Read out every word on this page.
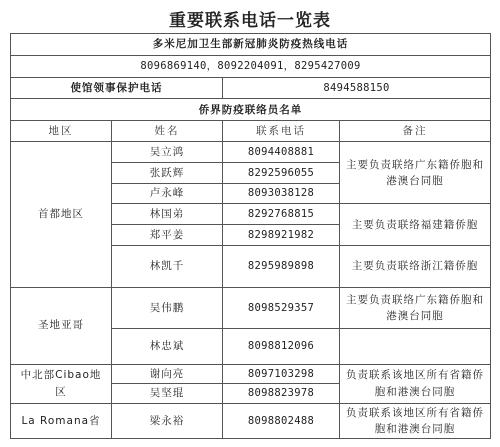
重要联系电话一览表
多米尼加卫生部新冠肺炎防疫热线电话			
8096869140，8092204091，8295427009			
使馆领事保护电话		8494588150	
侨界防疫联络员名单			
地区	姓名	联系电话	备注
首都地区	吴立鸿	8094408881	主要负责联络广东籍侨胞和港澳台同胞
	张跃辉	8292596055	
	卢永峰	8093038128	
	林国弟	8292768815	主要负责联络福建籍侨胞
	郑平姜	8298921982	
	林凯千	8295989898	主要负责联络浙江籍侨胞
圣地亚哥	吴伟鹏	8098529357	主要负责联络广东籍侨胞和港澳台同胞
	林忠斌	8098812096	
中北部Cibao地区	谢向亮	8097103298	负责联系该地区所有省籍侨胞和港澳台同胞
	吴坚琨	8098823978	
La Romana省	梁永裕	8098802488	负责联系该地区所有省籍侨胞和港澳台同胞
